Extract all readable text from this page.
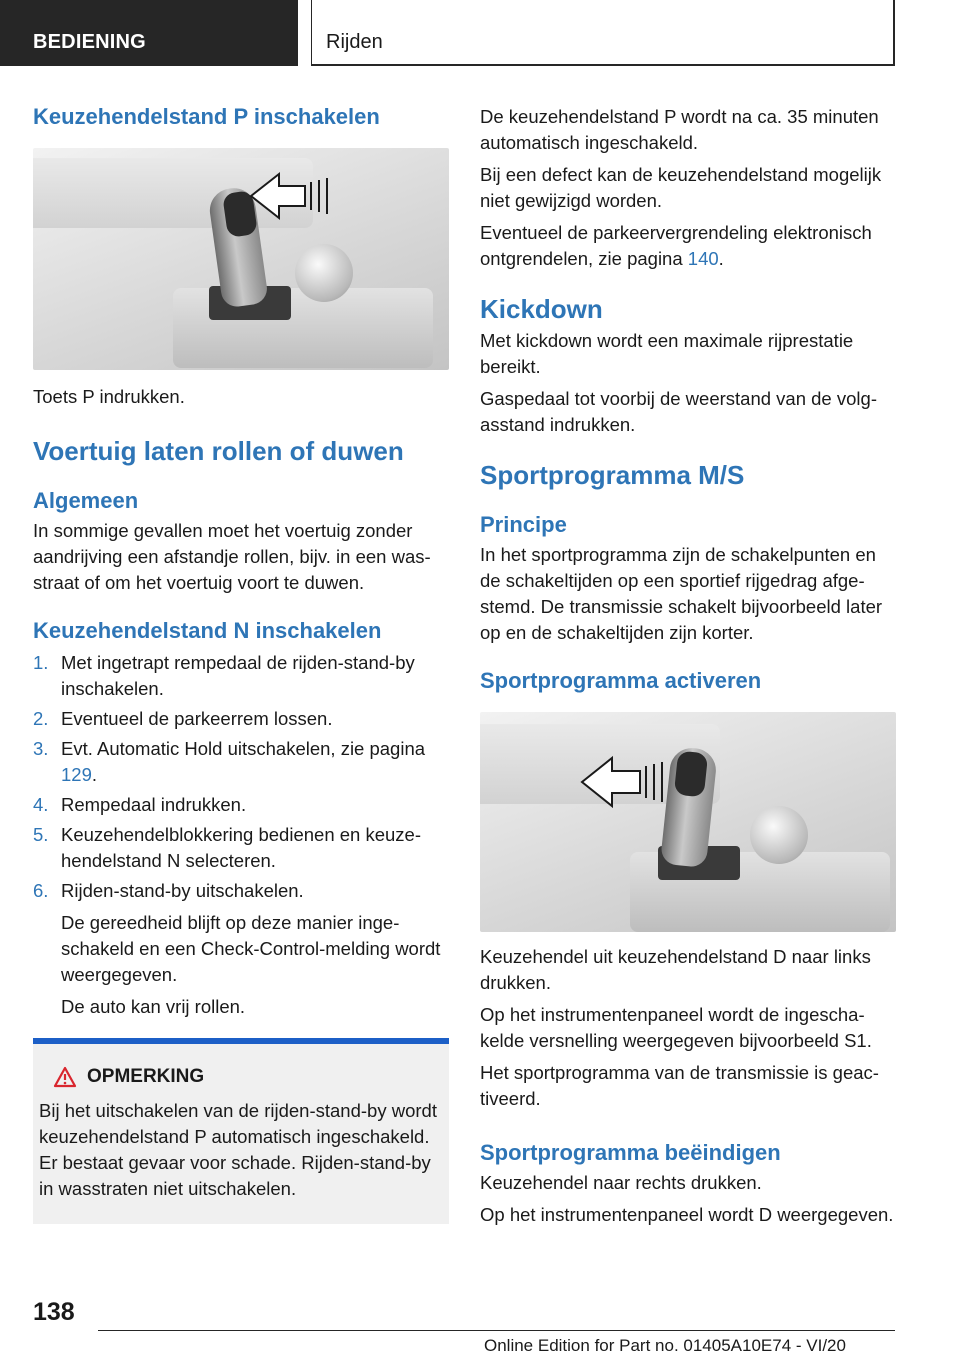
BEDIENING	Rijden
Keuzehendelstand P inschakelen

Toets P indrukken.

Voertuig laten rollen of duwen
Algemeen

In sommige gevallen moet het voertuig zonder aandrijving een afstandje rollen, bijv. in een wasstraat of om het voertuig voort te duwen.

Keuzehendelstand N inschakelen
1. Met ingetrapt rempedaal de rijden-stand-by inschakelen.
2. Eventueel de parkeerrem lossen.
3. Evt. Automatic Hold uitschakelen, zie pagina 129.
4. Rempedaal indrukken.
5. Keuzehendelblokkering bedienen en keuzehendelstand N selecteren.
6. Rijden-stand-by uitschakelen.

De gereedheid blijft op deze manier ingeschakeld en een Check-Control-melding wordt weergegeven.

De auto kan vrij rollen.

OPMERKING

Bij het uitschakelen van de rijden-stand-by wordt keuzehendelstand P automatisch ingeschakeld. Er bestaat gevaar voor schade. Rijden-stand-by in wasstraten niet uitschakelen.

De keuzehendelstand P wordt na ca. 35 minuten automatisch ingeschakeld.

Bij een defect kan de keuzehendelstand mogelijk niet gewijzigd worden.

Eventueel de parkeervergrendeling elektronisch ontgrendelen, zie pagina 140.

Kickdown

Met kickdown wordt een maximale rijprestatie bereikt.

Gaspedaal tot voorbij de weerstand van de volgasstand indrukken.

Sportprogramma M/S
Principe

In het sportprogramma zijn de schakelpunten en de schakeltijden op een sportief rijgedrag afgestemd. De transmissie schakelt bijvoorbeeld later op en de schakeltijden zijn korter.

Sportprogramma activeren

Keuzehendel uit keuzehendelstand D naar links drukken.

Op het instrumentenpaneel wordt de ingeschakelde versnelling weergegeven bijvoorbeeld S1.

Het sportprogramma van de transmissie is geactiveerd.

Sportprogramma beëindigen

Keuzehendel naar rechts drukken.

Op het instrumentenpaneel wordt D weergegeven.

138
Online Edition for Part no. 01405A10E74 - VI/20
